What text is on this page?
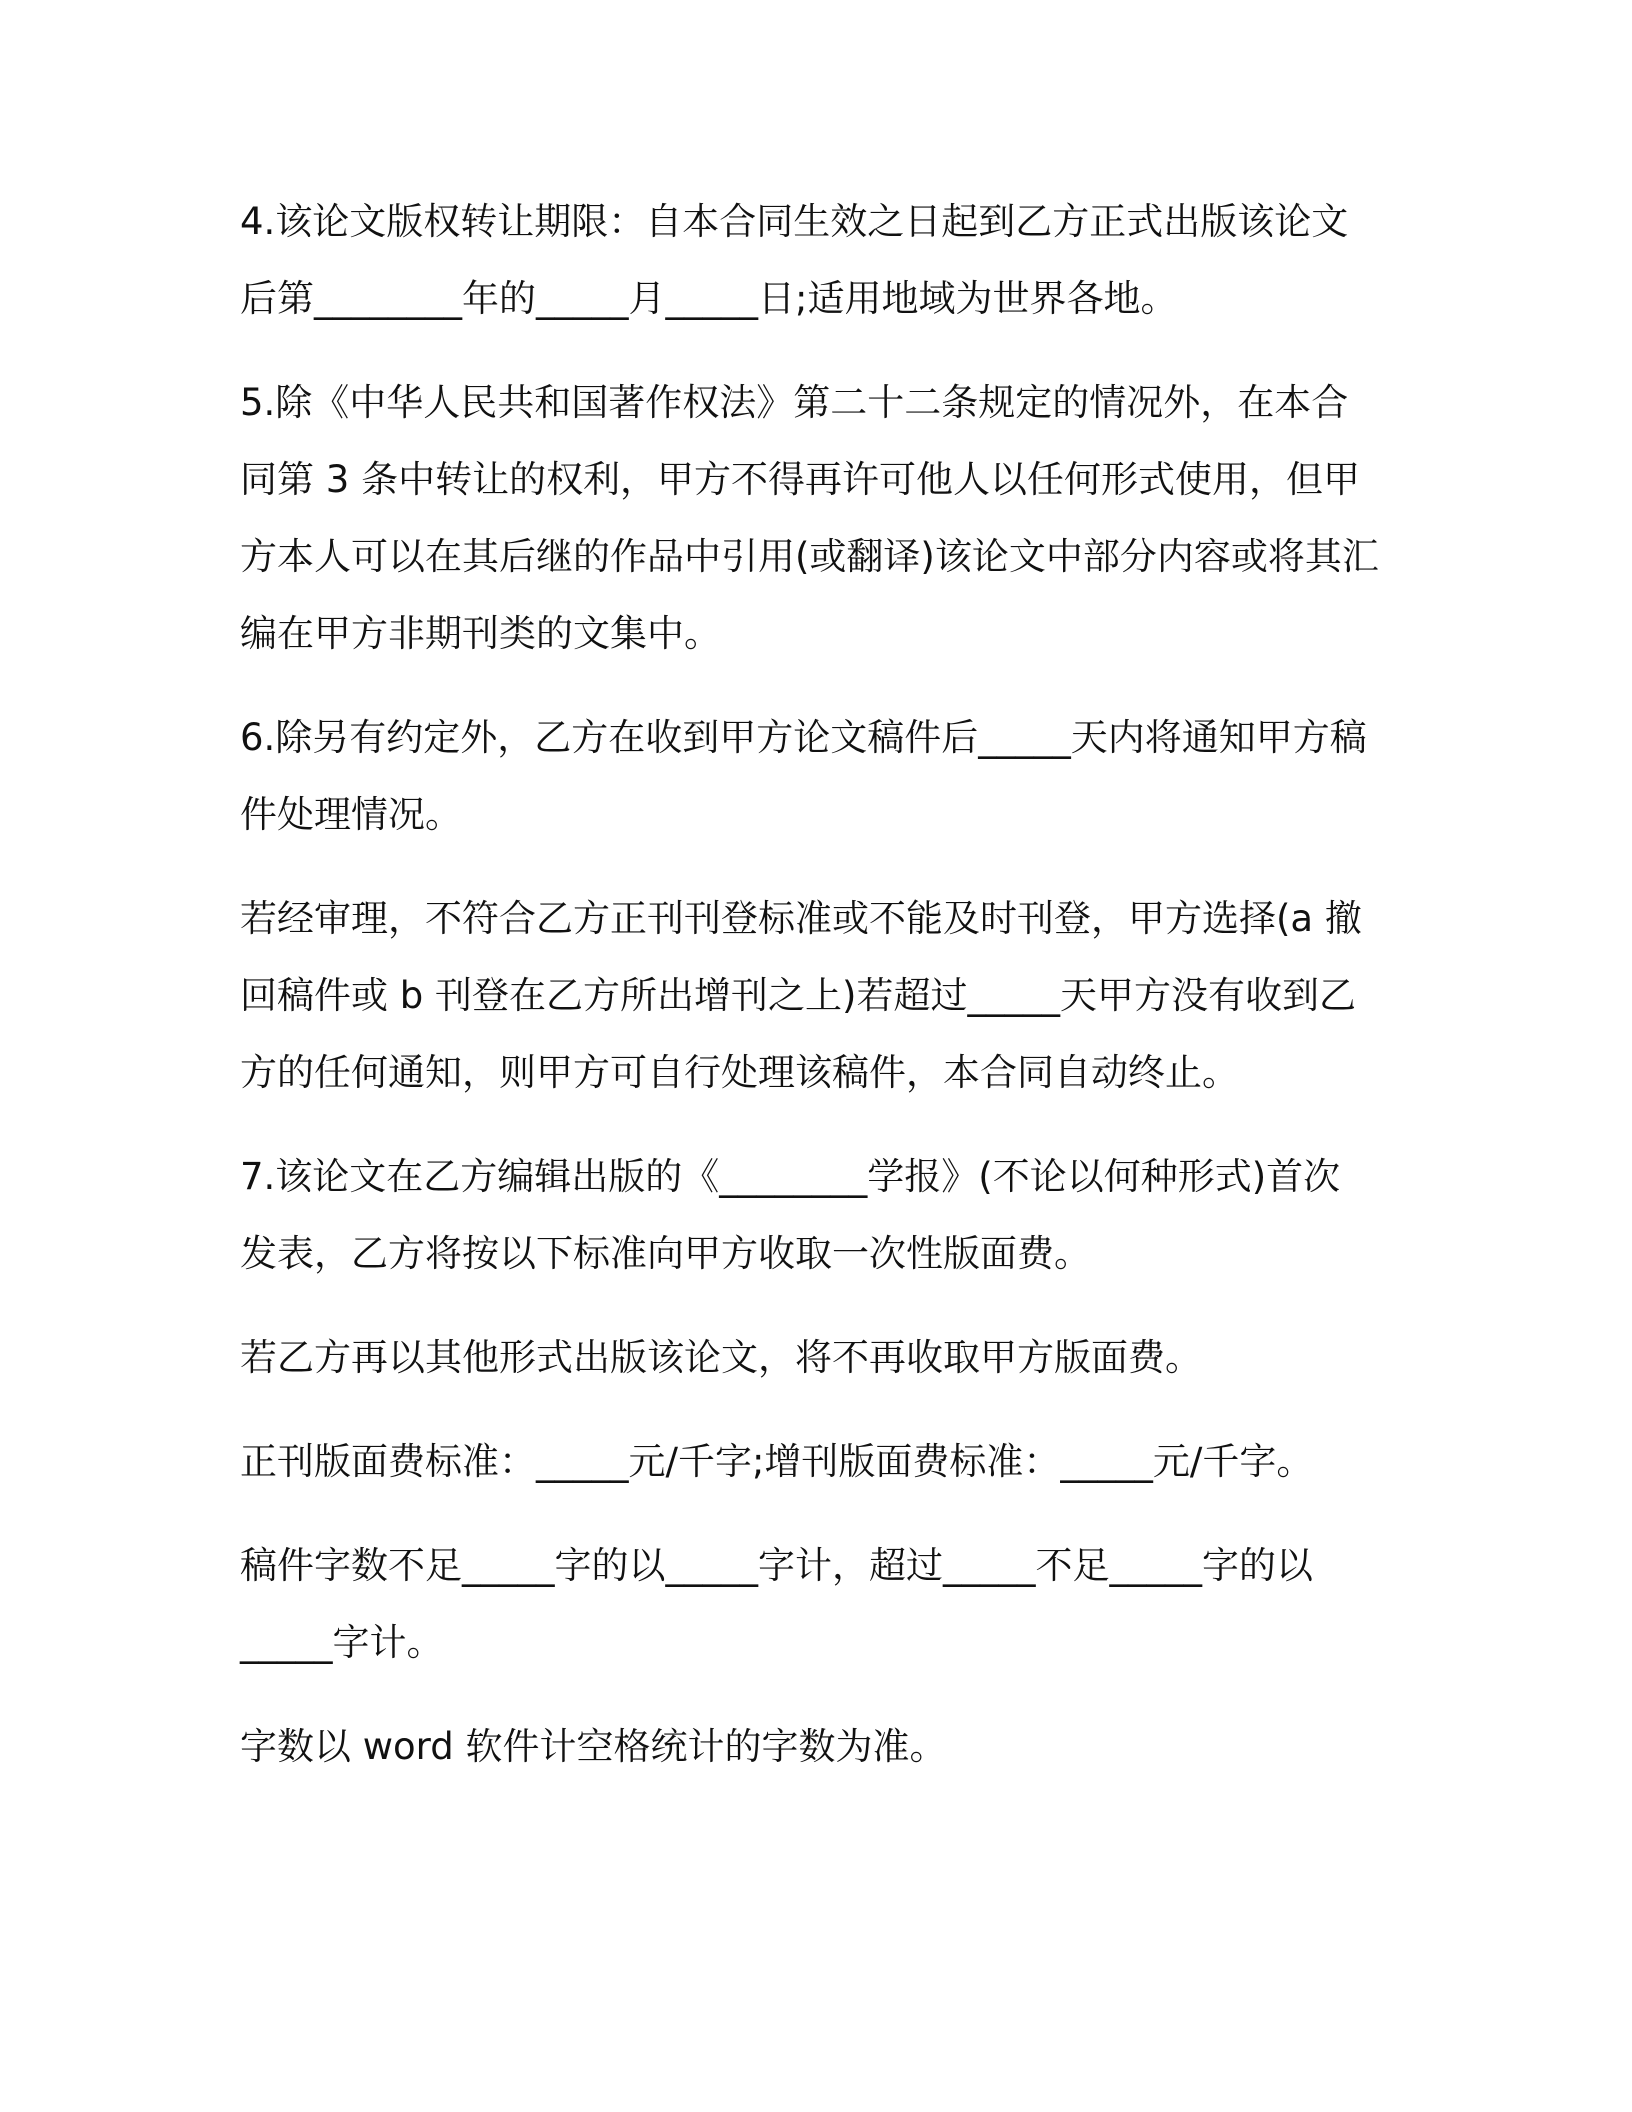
4.该论文版权转让期限：自本合同生效之日起到乙方正式出版该论文
后第________年的_____月_____日;适用地域为世界各地。
5.除《中华人民共和国著作权法》第二十二条规定的情况外，在本合
同第 3 条中转让的权利，甲方不得再许可他人以任何形式使用，但甲
方本人可以在其后继的作品中引用(或翻译)该论文中部分内容或将其汇
编在甲方非期刊类的文集中。
6.除另有约定外，乙方在收到甲方论文稿件后_____天内将通知甲方稿
件处理情况。
若经审理，不符合乙方正刊刊登标准或不能及时刊登，甲方选择(a 撤
回稿件或 b 刊登在乙方所出增刊之上)若超过_____天甲方没有收到乙
方的任何通知，则甲方可自行处理该稿件，本合同自动终止。
7.该论文在乙方编辑出版的《________学报》(不论以何种形式)首次
发表，乙方将按以下标准向甲方收取一次性版面费。
若乙方再以其他形式出版该论文，将不再收取甲方版面费。
正刊版面费标准：_____元/千字;增刊版面费标准：_____元/千字。
稿件字数不足_____字的以_____字计，超过_____不足_____字的以
_____字计。
字数以 word 软件计空格统计的字数为准。
